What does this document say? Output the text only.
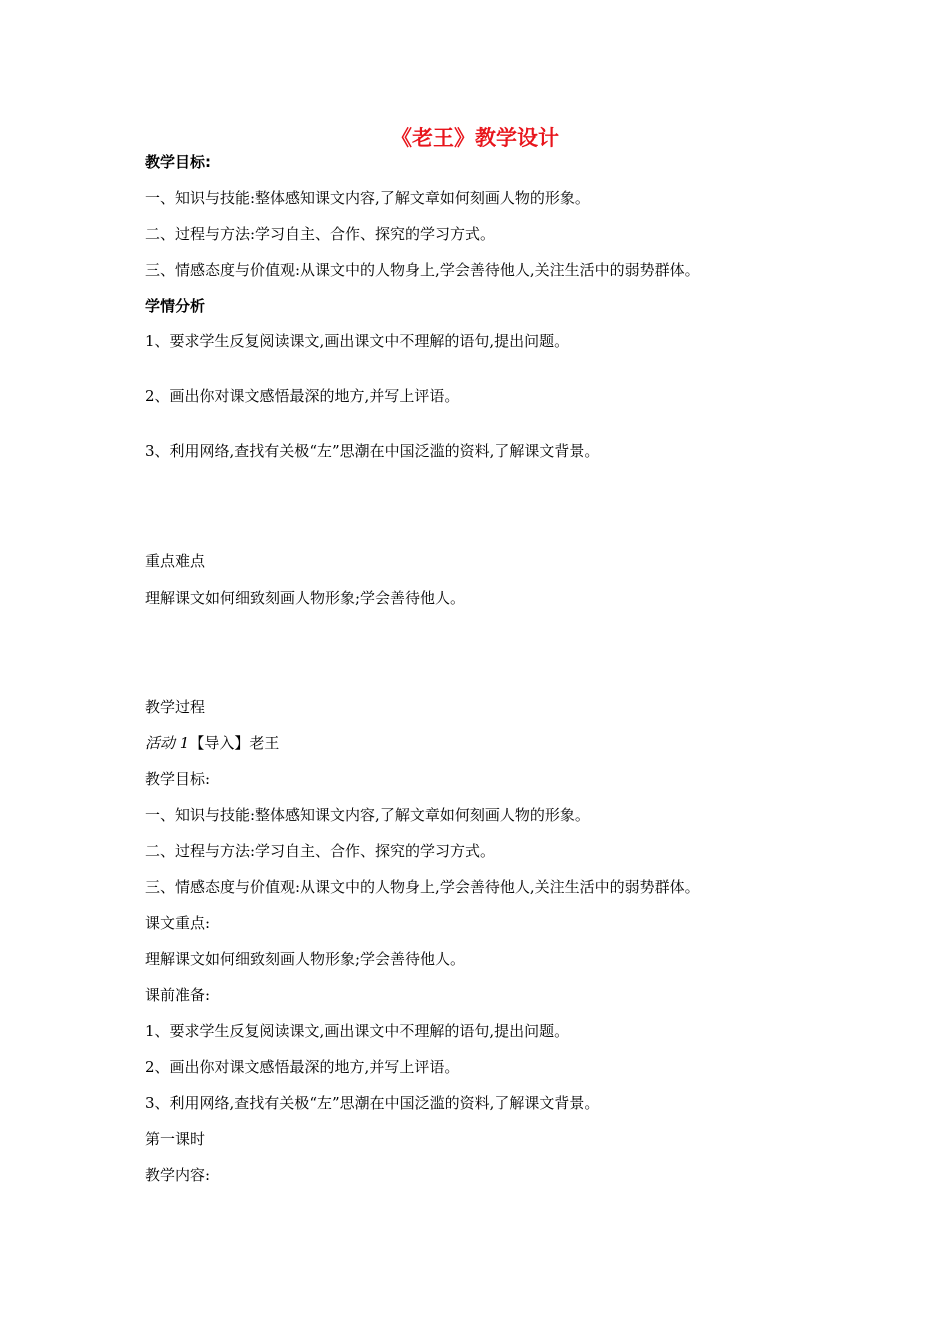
《老王》教学设计
教学目标:
一、知识与技能:整体感知课文内容,了解文章如何刻画人物的形象。
二、过程与方法:学习自主、合作、探究的学习方式。
三、情感态度与价值观:从课文中的人物身上,学会善待他人,关注生活中的弱势群体。
学情分析
1、要求学生反复阅读课文,画出课文中不理解的语句,提出问题。
2、画出你对课文感悟最深的地方,并写上评语。
3、利用网络,查找有关极“左”思潮在中国泛滥的资料,了解课文背景。
重点难点
理解课文如何细致刻画人物形象;学会善待他人。
教学过程
活动 1【导入】老王
教学目标:
一、知识与技能:整体感知课文内容,了解文章如何刻画人物的形象。
二、过程与方法:学习自主、合作、探究的学习方式。
三、情感态度与价值观:从课文中的人物身上,学会善待他人,关注生活中的弱势群体。
课文重点:
理解课文如何细致刻画人物形象;学会善待他人。
课前准备:
1、要求学生反复阅读课文,画出课文中不理解的语句,提出问题。
2、画出你对课文感悟最深的地方,并写上评语。
3、利用网络,查找有关极“左”思潮在中国泛滥的资料,了解课文背景。
第一课时
教学内容:
